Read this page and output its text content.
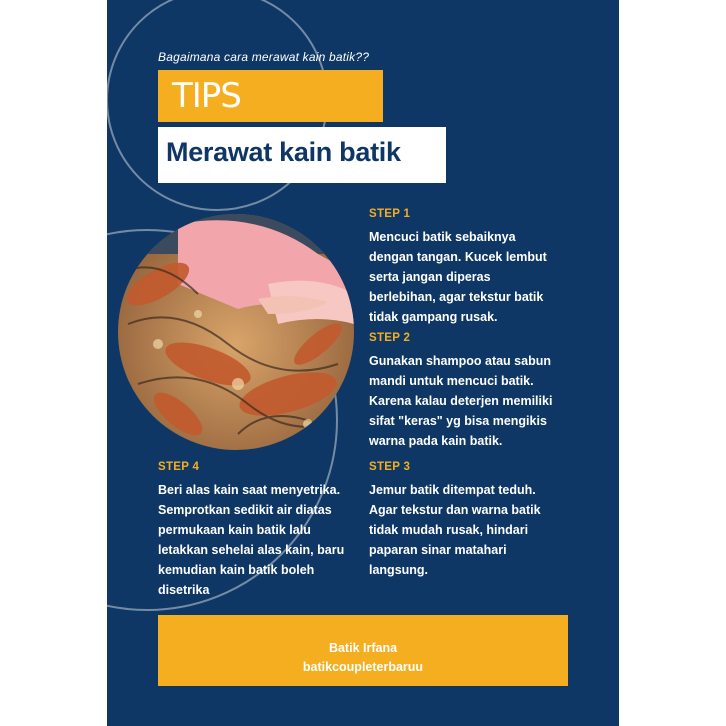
Bagaimana cara merawat kain batik??
TIPS
Merawat kain batik
STEP 1
Mencuci batik sebaiknya
dengan tangan. Kucek lembut
serta jangan diperas
berlebihan, agar tekstur batik
tidak gampang rusak.
STEP 2
Gunakan shampoo atau sabun
mandi untuk mencuci batik.
Karena kalau deterjen memiliki
sifat "keras" yg bisa mengikis
warna pada kain batik.
STEP 3
Jemur batik ditempat teduh.
Agar tekstur dan warna batik
tidak mudah rusak, hindari
paparan sinar matahari
langsung.
STEP 4
Beri alas kain saat menyetrika.
Semprotkan sedikit air diatas
permukaan kain batik lalu
letakkan sehelai alas kain, baru
kemudian kain batik boleh
disetrika
Batik Irfana
batikcoupleterbaruu
